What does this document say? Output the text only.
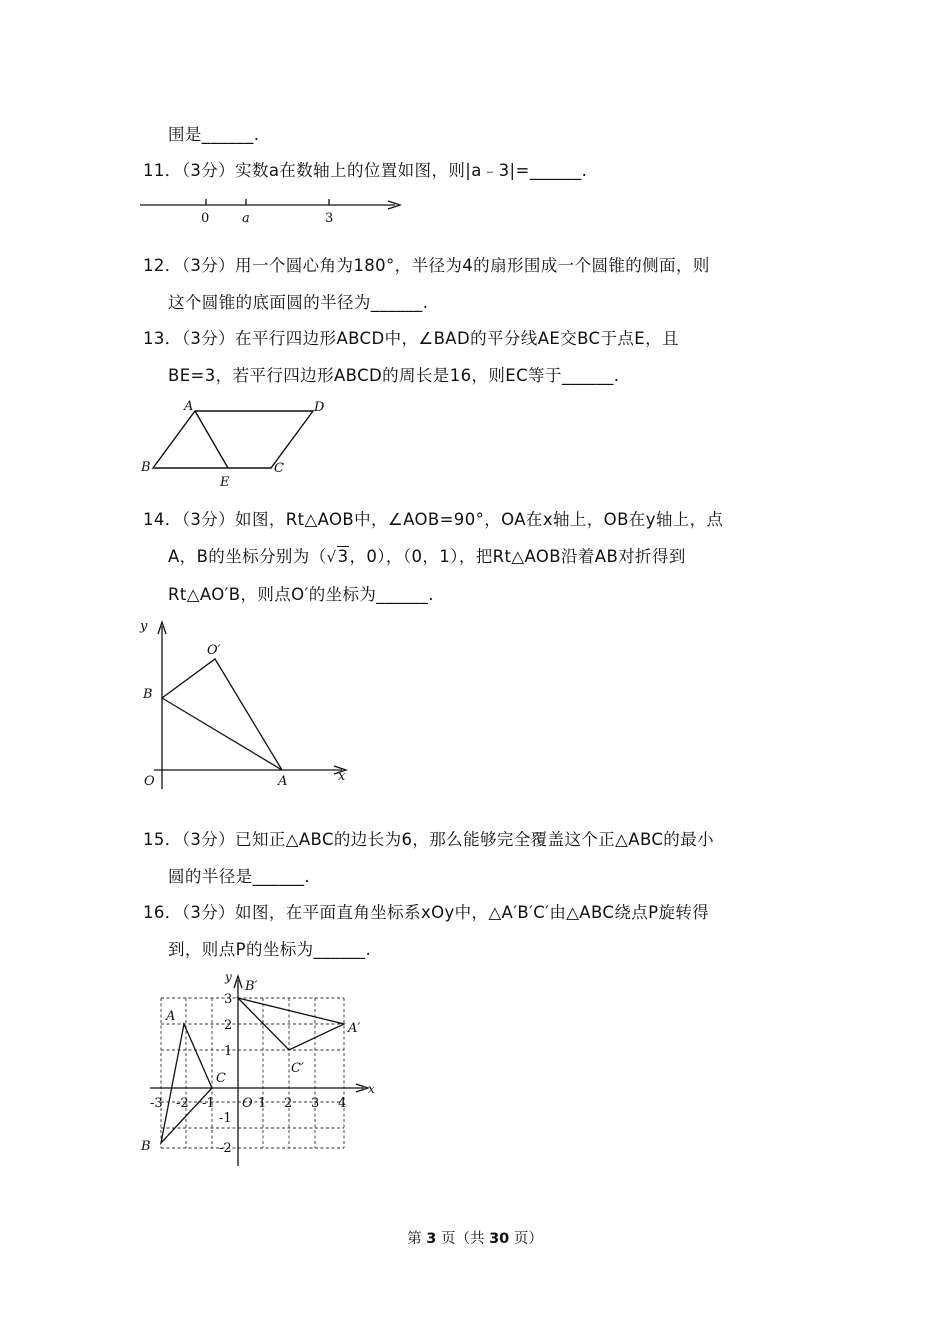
围是______.
11．（3分）实数a在数轴上的位置如图，则|a﹣3|=______.
0	a	3
12．（3分）用一个圆心角为180°，半径为4的扇形围成一个圆锥的侧面，则
这个圆锥的底面圆的半径为______.
13．（3分）在平行四边形ABCD中，∠BAD的平分线AE交BC于点E，且
BE=3，若平行四边形ABCD的周长是16，则EC等于______.
A	D
B
E
C
14．（3分）如图，Rt△AOB中，∠AOB=90°，OA在x轴上，OB在y轴上，点
A，B的坐标分别为（√3，0），（0，1），把Rt△AOB沿着AB对折得到
Rt△AO′B，则点O′的坐标为______.
y
O′
B
O	A	x
15．（3分）已知正△ABC的边长为6，那么能够完全覆盖这个正△ABC的最小
圆的半径是______.
16．（3分）如图，在平面直角坐标系xOy中，△A′B′C′由△ABC绕点P旋转得
到，则点P的坐标为______.
y
x
A
B
C
A′
B′
C′
-3 -2 -1 O 1 2 3 4
3
2
1
-1
-2
第 3 页（共 30 页）
